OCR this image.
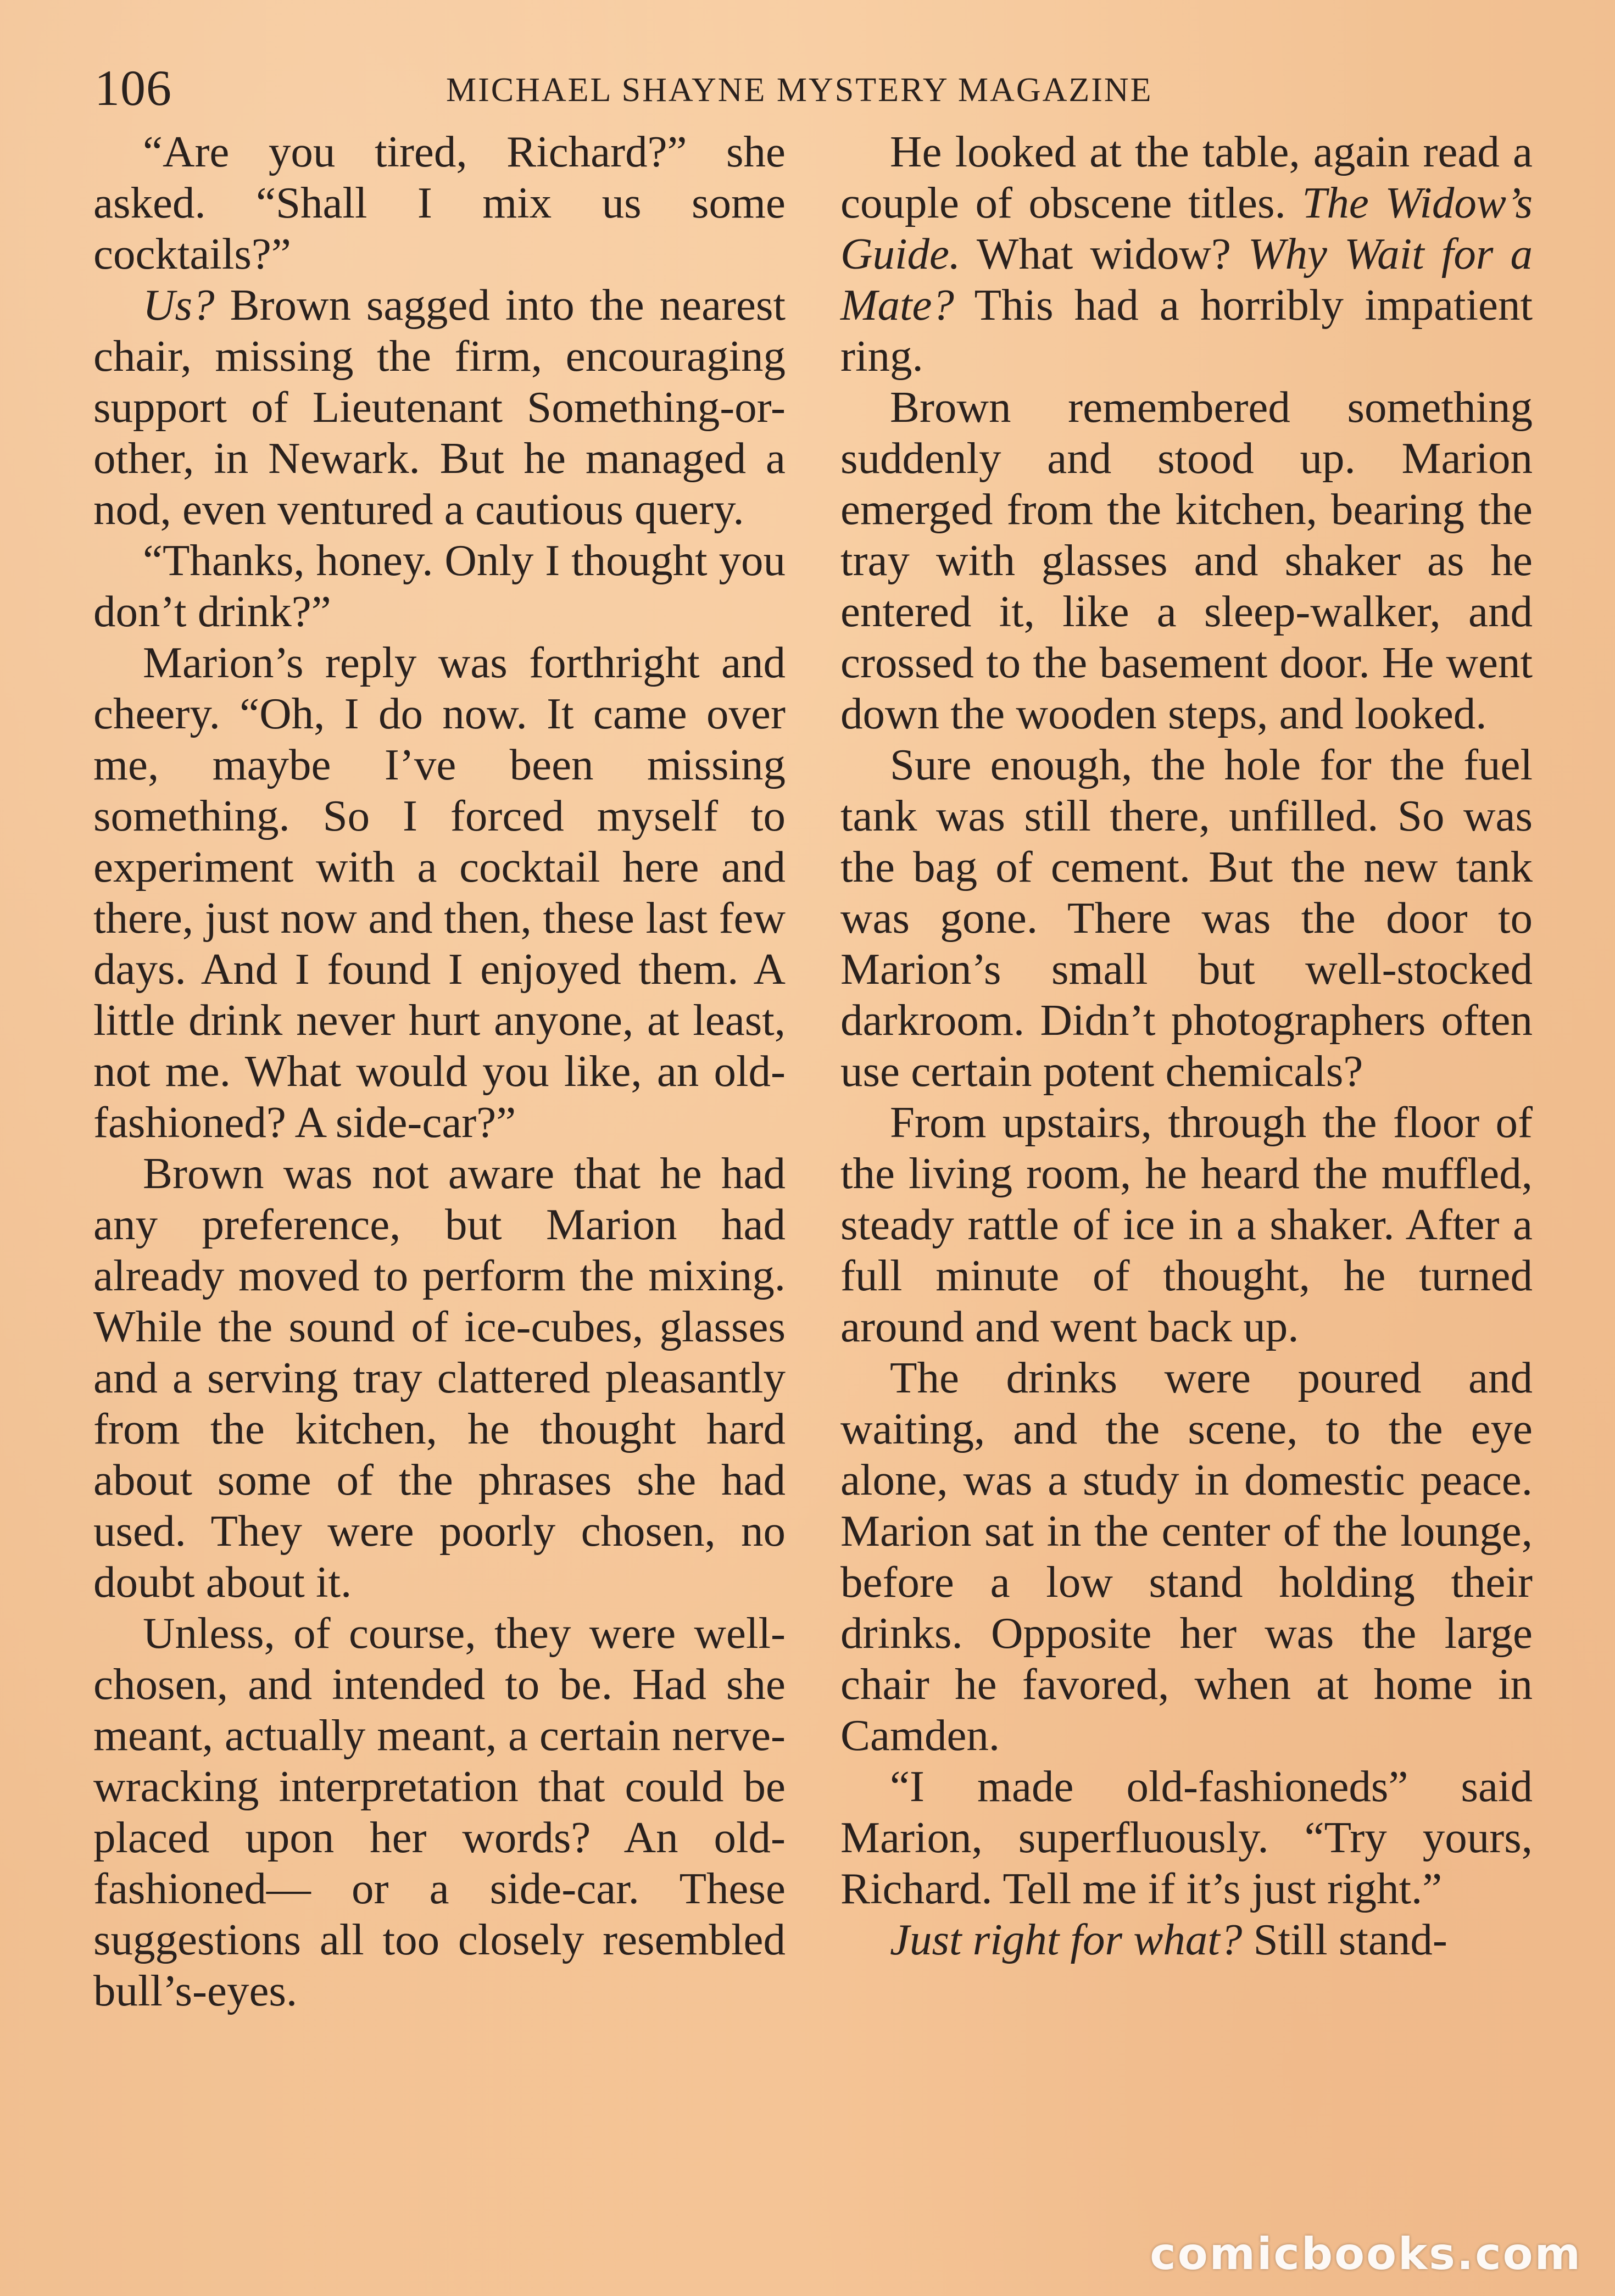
106	MICHAEL SHAYNE MYSTERY MAGAZINE

“Are you tired, Richard?” she asked. “Shall I mix us some cocktails?”

Us? Brown sagged into the nearest chair, missing the firm, encouraging support of Lieutenant Something-or-other, in Newark. But he managed a nod, even ventured a cautious query.

“Thanks, honey. Only I thought you don’t drink?”

Marion’s reply was forthright and cheery. “Oh, I do now. It came over me, maybe I’ve been missing something. So I forced myself to experiment with a cocktail here and there, just now and then, these last few days. And I found I enjoyed them. A little drink never hurt anyone, at least, not me. What would you like, an old-fashioned? A side-car?”

Brown was not aware that he had any preference, but Marion had already moved to perform the mixing. While the sound of ice-cubes, glasses and a serving tray clattered pleasantly from the kitchen, he thought hard about some of the phrases she had used. They were poorly chosen, no doubt about it.

Unless, of course, they were well-chosen, and intended to be. Had she meant, actually meant, a certain nerve-wracking interpretation that could be placed upon her words? An old-fashioned— or a side-car. These suggestions all too closely resembled bull’s-eyes.

He looked at the table, again read a couple of obscene titles. The Widow’s Guide. What widow? Why Wait for a Mate? This had a horribly impatient ring.

Brown remembered something suddenly and stood up. Marion emerged from the kitchen, bearing the tray with glasses and shaker as he entered it, like a sleep-walker, and crossed to the basement door. He went down the wooden steps, and looked.

Sure enough, the hole for the fuel tank was still there, unfilled. So was the bag of cement. But the new tank was gone. There was the door to Marion’s small but well-stocked darkroom. Didn’t photographers often use certain potent chemicals?

From upstairs, through the floor of the living room, he heard the muffled, steady rattle of ice in a shaker. After a full minute of thought, he turned around and went back up.

The drinks were poured and waiting, and the scene, to the eye alone, was a study in domestic peace. Marion sat in the center of the lounge, before a low stand holding their drinks. Opposite her was the large chair he favored, when at home in Camden.

“I made old-fashioneds” said Marion, superfluously. “Try yours, Richard. Tell me if it’s just right.”

Just right for what? Still stand-

comicbooks.com
